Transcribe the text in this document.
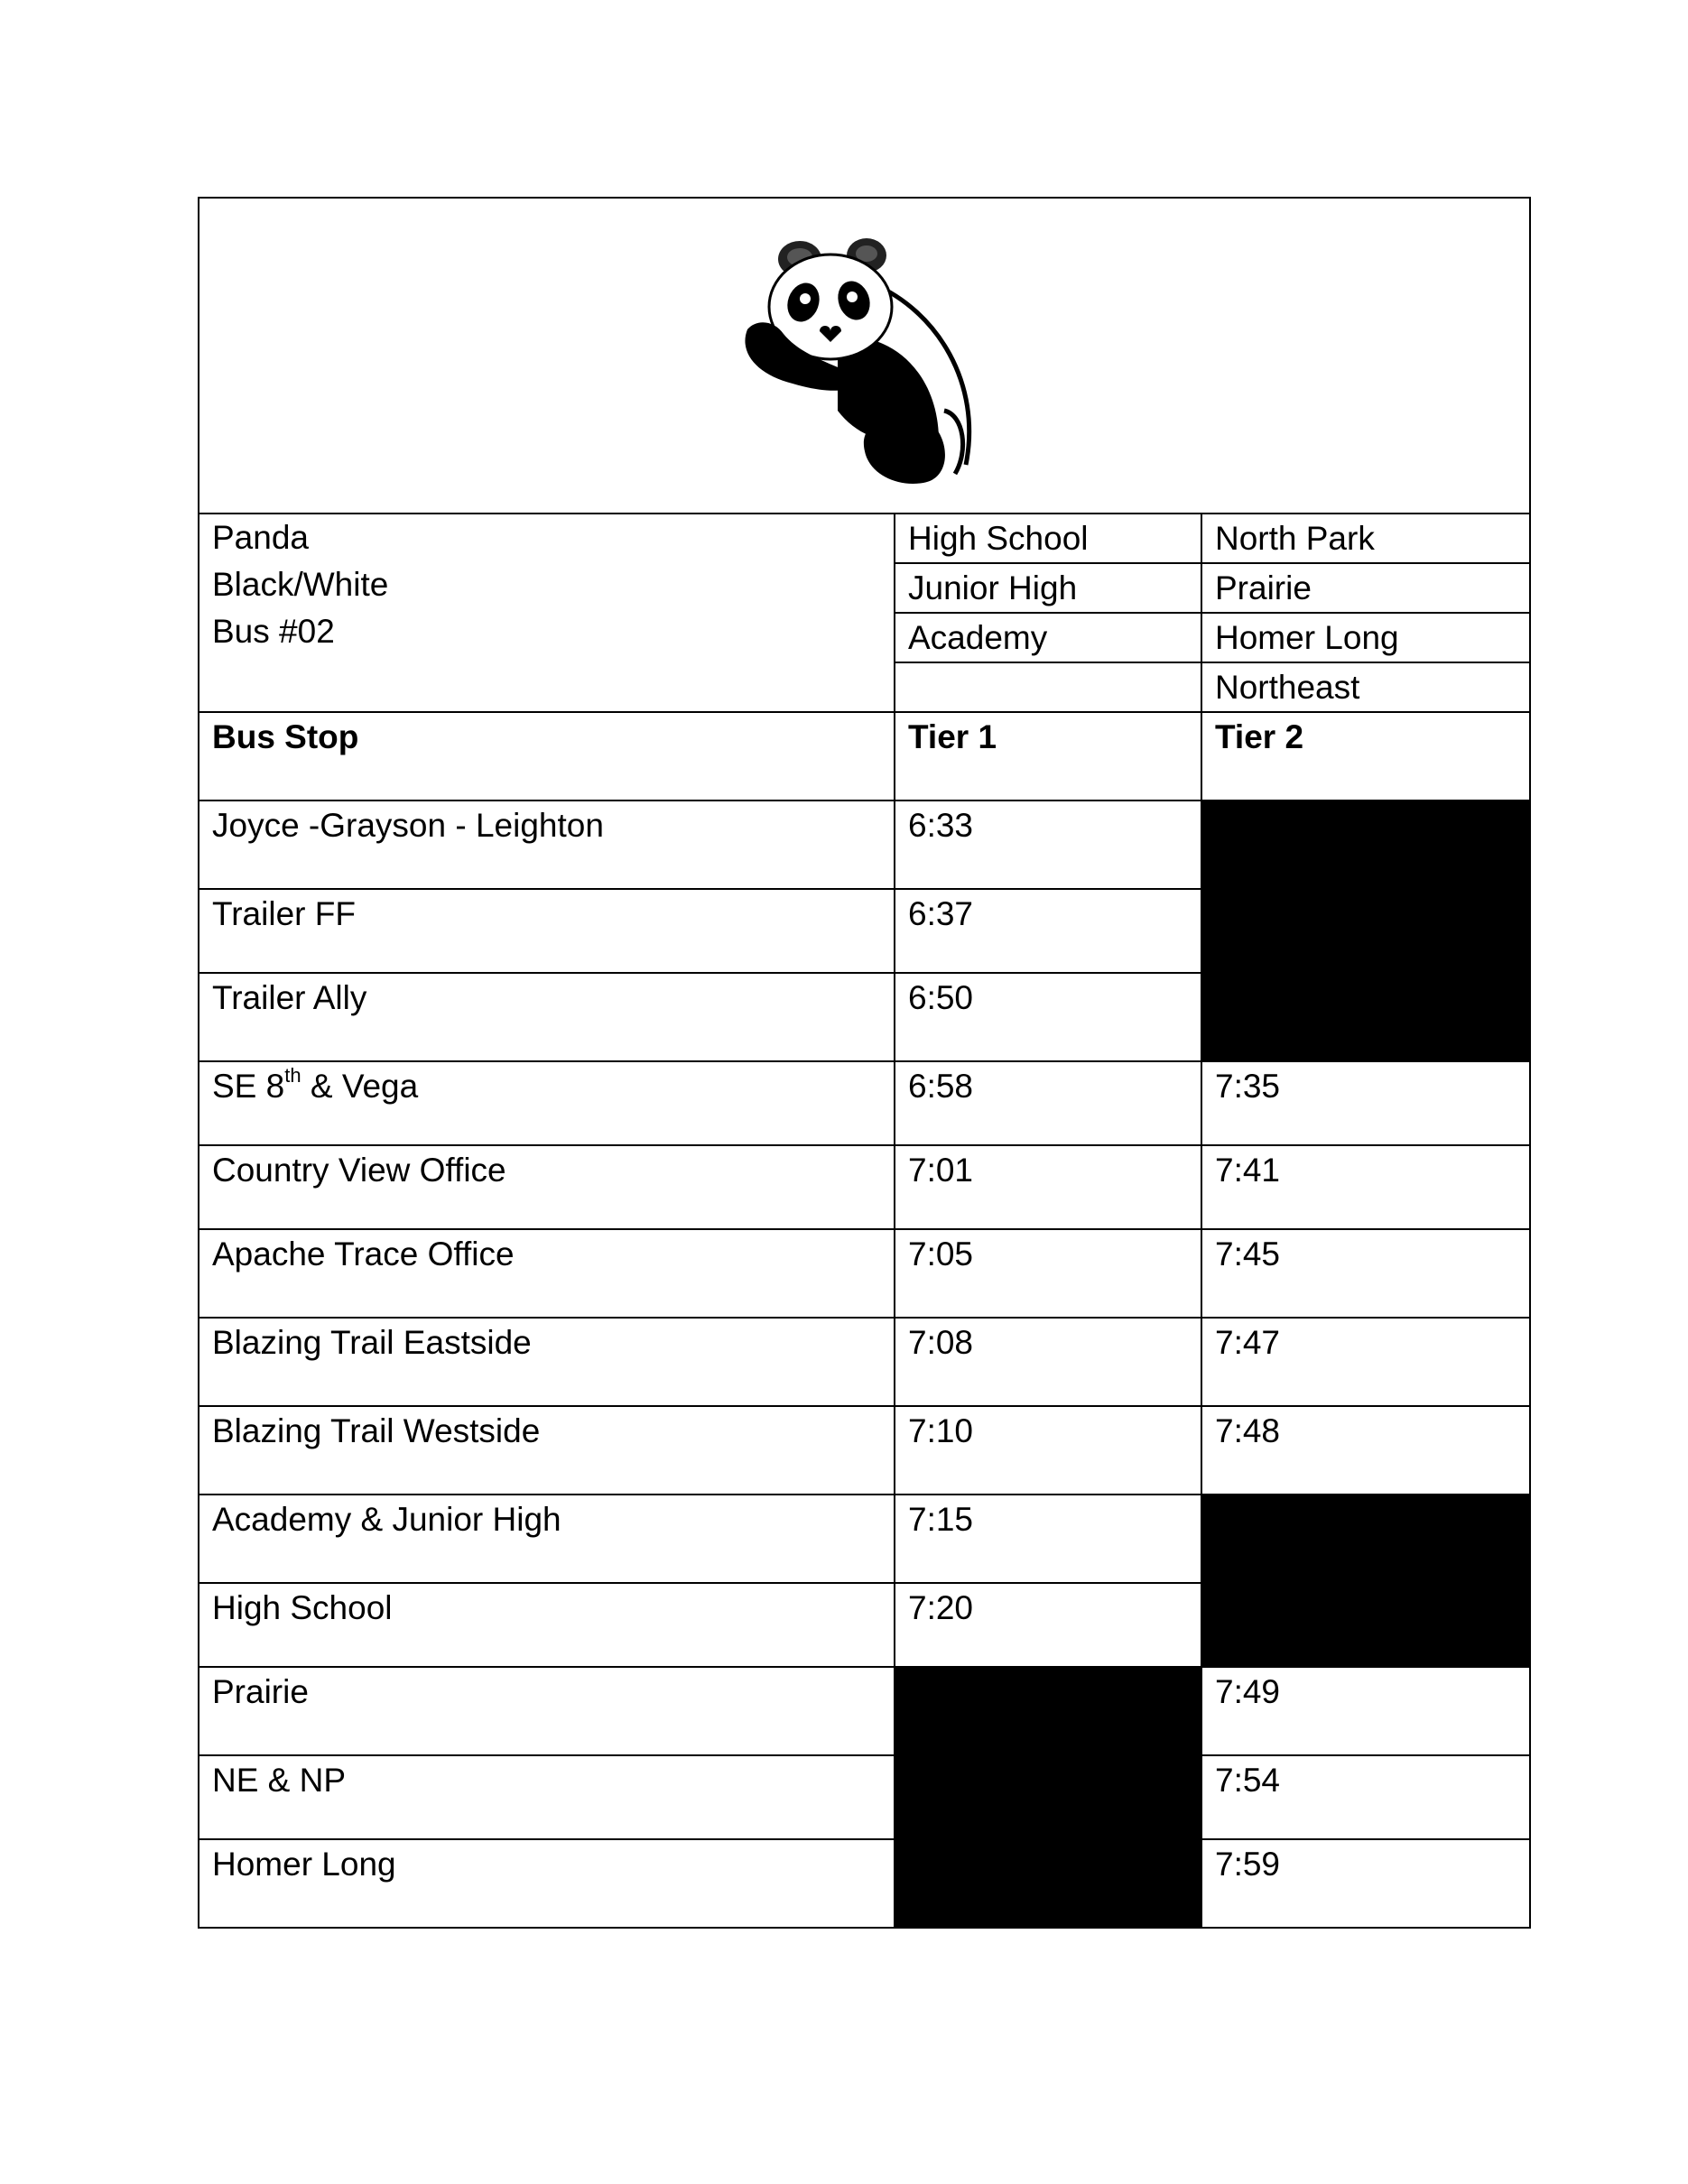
Panda
Black/White
Bus #02	High School	North Park
	Junior High	Prairie
	Academy	Homer Long
		Northeast
Bus Stop	Tier 1	Tier 2
Joyce -Grayson - Leighton	6:33	
Trailer FF	6:37	
Trailer Ally	6:50	
SE 8th & Vega	6:58	7:35
Country View Office	7:01	7:41
Apache Trace Office	7:05	7:45
Blazing Trail Eastside	7:08	7:47
Blazing Trail Westside	7:10	7:48
Academy & Junior High	7:15	
High School	7:20	
Prairie		7:49
NE & NP		7:54
Homer Long		7:59
